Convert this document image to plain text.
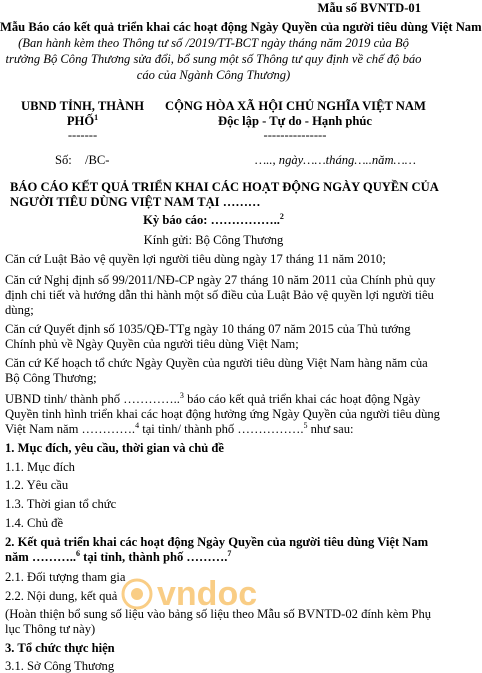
Mẫu số BVNTD-01
Mẫu Báo cáo kết quả triển khai các hoạt động Ngày Quyền của người tiêu dùng Việt Nam
(Ban hành kèm theo Thông tư số /2019/TT-BCT ngày tháng năm 2019 của Bộ
trưởng Bộ Công Thương sửa đổi, bổ sung một số Thông tư quy định về chế độ báo
cáo của Ngành Công Thương)
UBND TỈNH, THÀNH
PHỐ$^1$
-------
Số: /BC-
CỘNG HÒA XÃ HỘI CHỦ NGHĨA VIỆT NAM
Độc lập - Tự do - Hạnh phúc
---------------
….., ngày……tháng…..năm……
BÁO CÁO KẾT QUẢ TRIỂN KHAI CÁC HOẠT ĐỘNG NGÀY QUYỀN CỦA
NGƯỜI TIÊU DÙNG VIỆT NAM TẠI ………
Kỳ báo cáo: ……………..$^2$
Kính gửi: Bộ Công Thương
Căn cứ Luật Bảo vệ quyền lợi người tiêu dùng ngày 17 tháng 11 năm 2010;
Căn cứ Nghị định số 99/2011/NĐ-CP ngày 27 tháng 10 năm 2011 của Chính phủ quy
định chi tiết và hướng dẫn thi hành một số điều của Luật Bảo vệ quyền lợi người tiêu
dùng;
Căn cứ Quyết định số 1035/QĐ-TTg ngày 10 tháng 07 năm 2015 của Thủ tướng
Chính phủ về Ngày Quyền của người tiêu dùng Việt Nam;
Căn cứ Kế hoạch tổ chức Ngày Quyền của người tiêu dùng Việt Nam hàng năm của
Bộ Công Thương;
UBND tỉnh/ thành phố …………..$^3$ báo cáo kết quả triển khai các hoạt động Ngày
Quyền tỉnh hình triển khai các hoạt động hưởng ứng Ngày Quyền của người tiêu dùng
Việt Nam năm ………….$^4$ tại tỉnh/ thành phố …………….$^5$ như sau:
1. Mục đích, yêu cầu, thời gian và chủ đề
1.1. Mục đích
1.2. Yêu cầu
1.3. Thời gian tổ chức
1.4. Chủ đề
2. Kết quả triển khai các hoạt động Ngày Quyền của người tiêu dùng Việt Nam
năm ………..$^6$ tại tỉnh, thành phố ……….$^7$
2.1. Đối tượng tham gia
2.2. Nội dung, kết quả
(Hoàn thiện bổ sung số liệu vào bảng số liệu theo Mẫu số BVNTD-02 đính kèm Phụ
lục Thông tư này)
3. Tổ chức thực hiện
3.1. Sở Công Thương
vndoc
